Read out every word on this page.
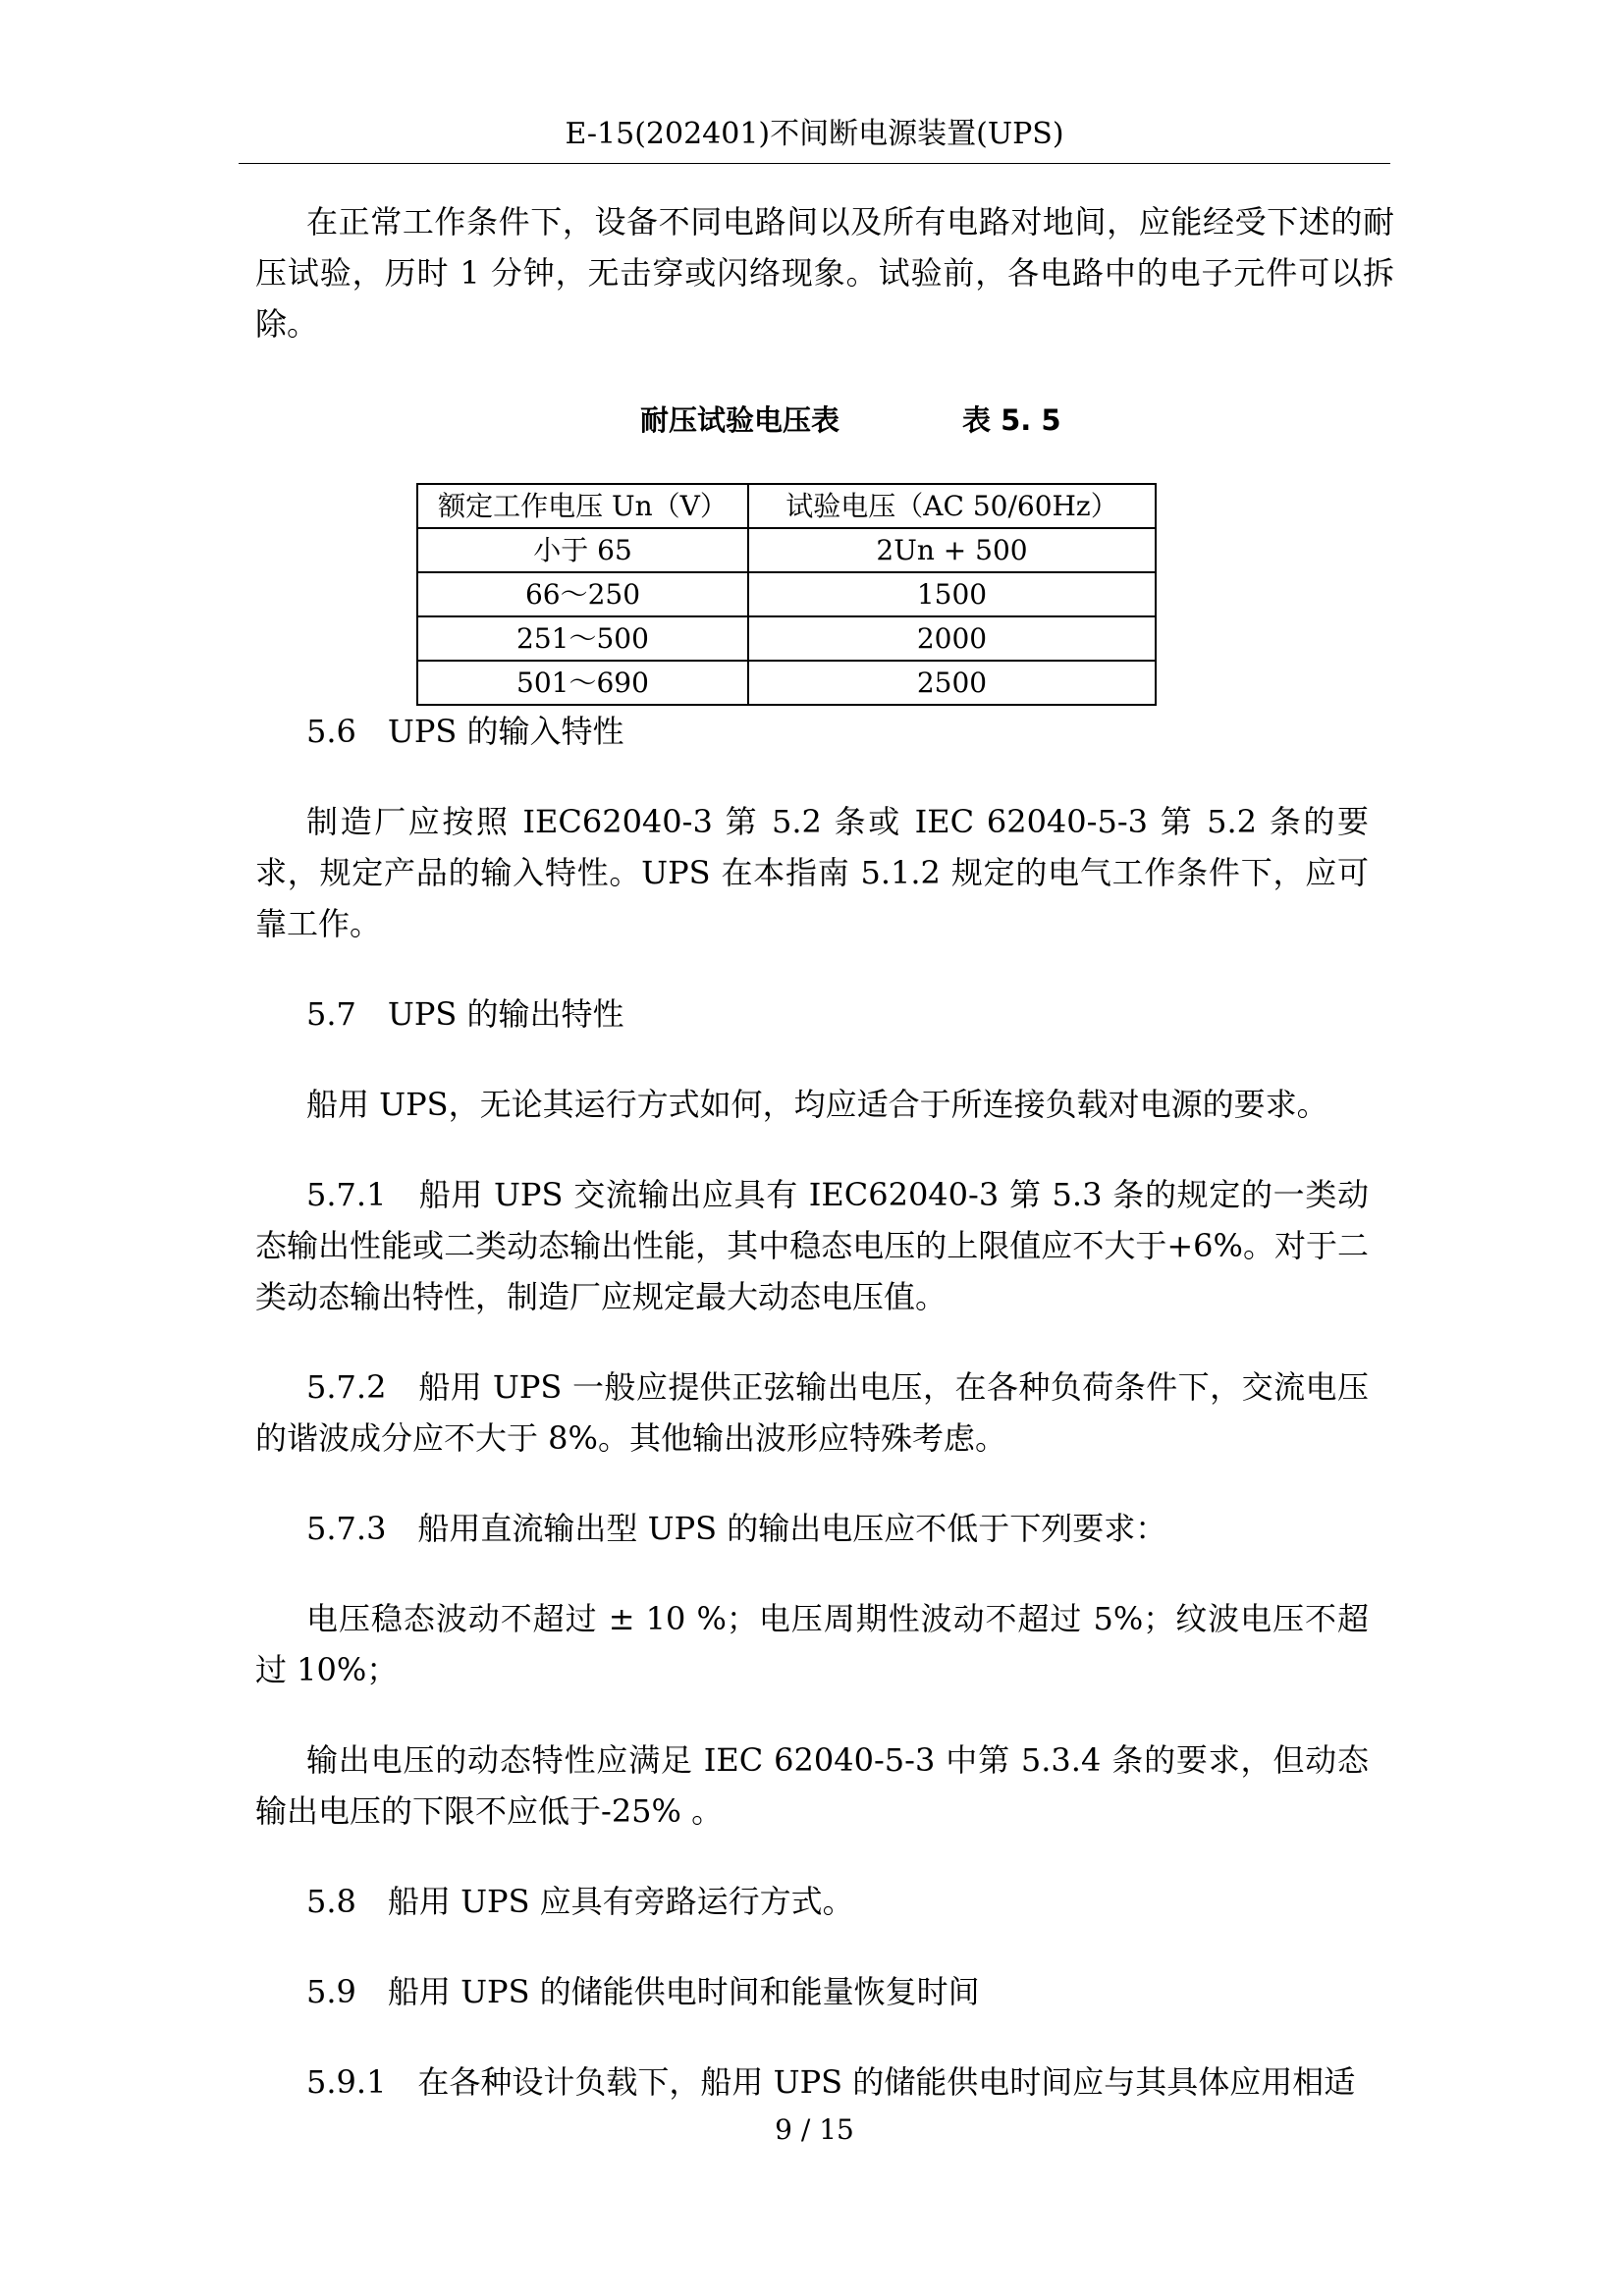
E-15(202401)不间断电源装置(UPS)

在正常工作条件下，设备不同电路间以及所有电路对地间，应能经受下述的耐压试验，历时 1 分钟，无击穿或闪络现象。试验前，各电路中的电子元件可以拆除。

耐压试验电压表	表 5. 5
额定工作电压 Un（V）	试验电压（AC 50/60Hz）
小于 65	2Un + 500
66～250	1500
251～500	2000
501～690	2500

5.6　UPS 的输入特性

制造厂应按照 IEC62040-3 第 5.2 条或 IEC 62040-5-3 第 5.2 条的要求，规定产品的输入特性。UPS 在本指南 5.1.2 规定的电气工作条件下，应可靠工作。

5.7　UPS 的输出特性

船用 UPS，无论其运行方式如何，均应适合于所连接负载对电源的要求。

5.7.1　船用 UPS 交流输出应具有 IEC62040-3 第 5.3 条的规定的一类动态输出性能或二类动态输出性能，其中稳态电压的上限值应不大于+6%。对于二类动态输出特性，制造厂应规定最大动态电压值。

5.7.2　船用 UPS 一般应提供正弦输出电压，在各种负荷条件下，交流电压的谐波成分应不大于 8%。其他输出波形应特殊考虑。

5.7.3　船用直流输出型 UPS 的输出电压应不低于下列要求：

电压稳态波动不超过 ± 10 %；电压周期性波动不超过 5%；纹波电压不超过 10%；

输出电压的动态特性应满足 IEC 62040-5-3 中第 5.3.4 条的要求，但动态输出电压的下限不应低于-25% 。

5.8　船用 UPS 应具有旁路运行方式。

5.9　船用 UPS 的储能供电时间和能量恢复时间

5.9.1　在各种设计负载下，船用 UPS 的储能供电时间应与其具体应用相适

9 / 15
